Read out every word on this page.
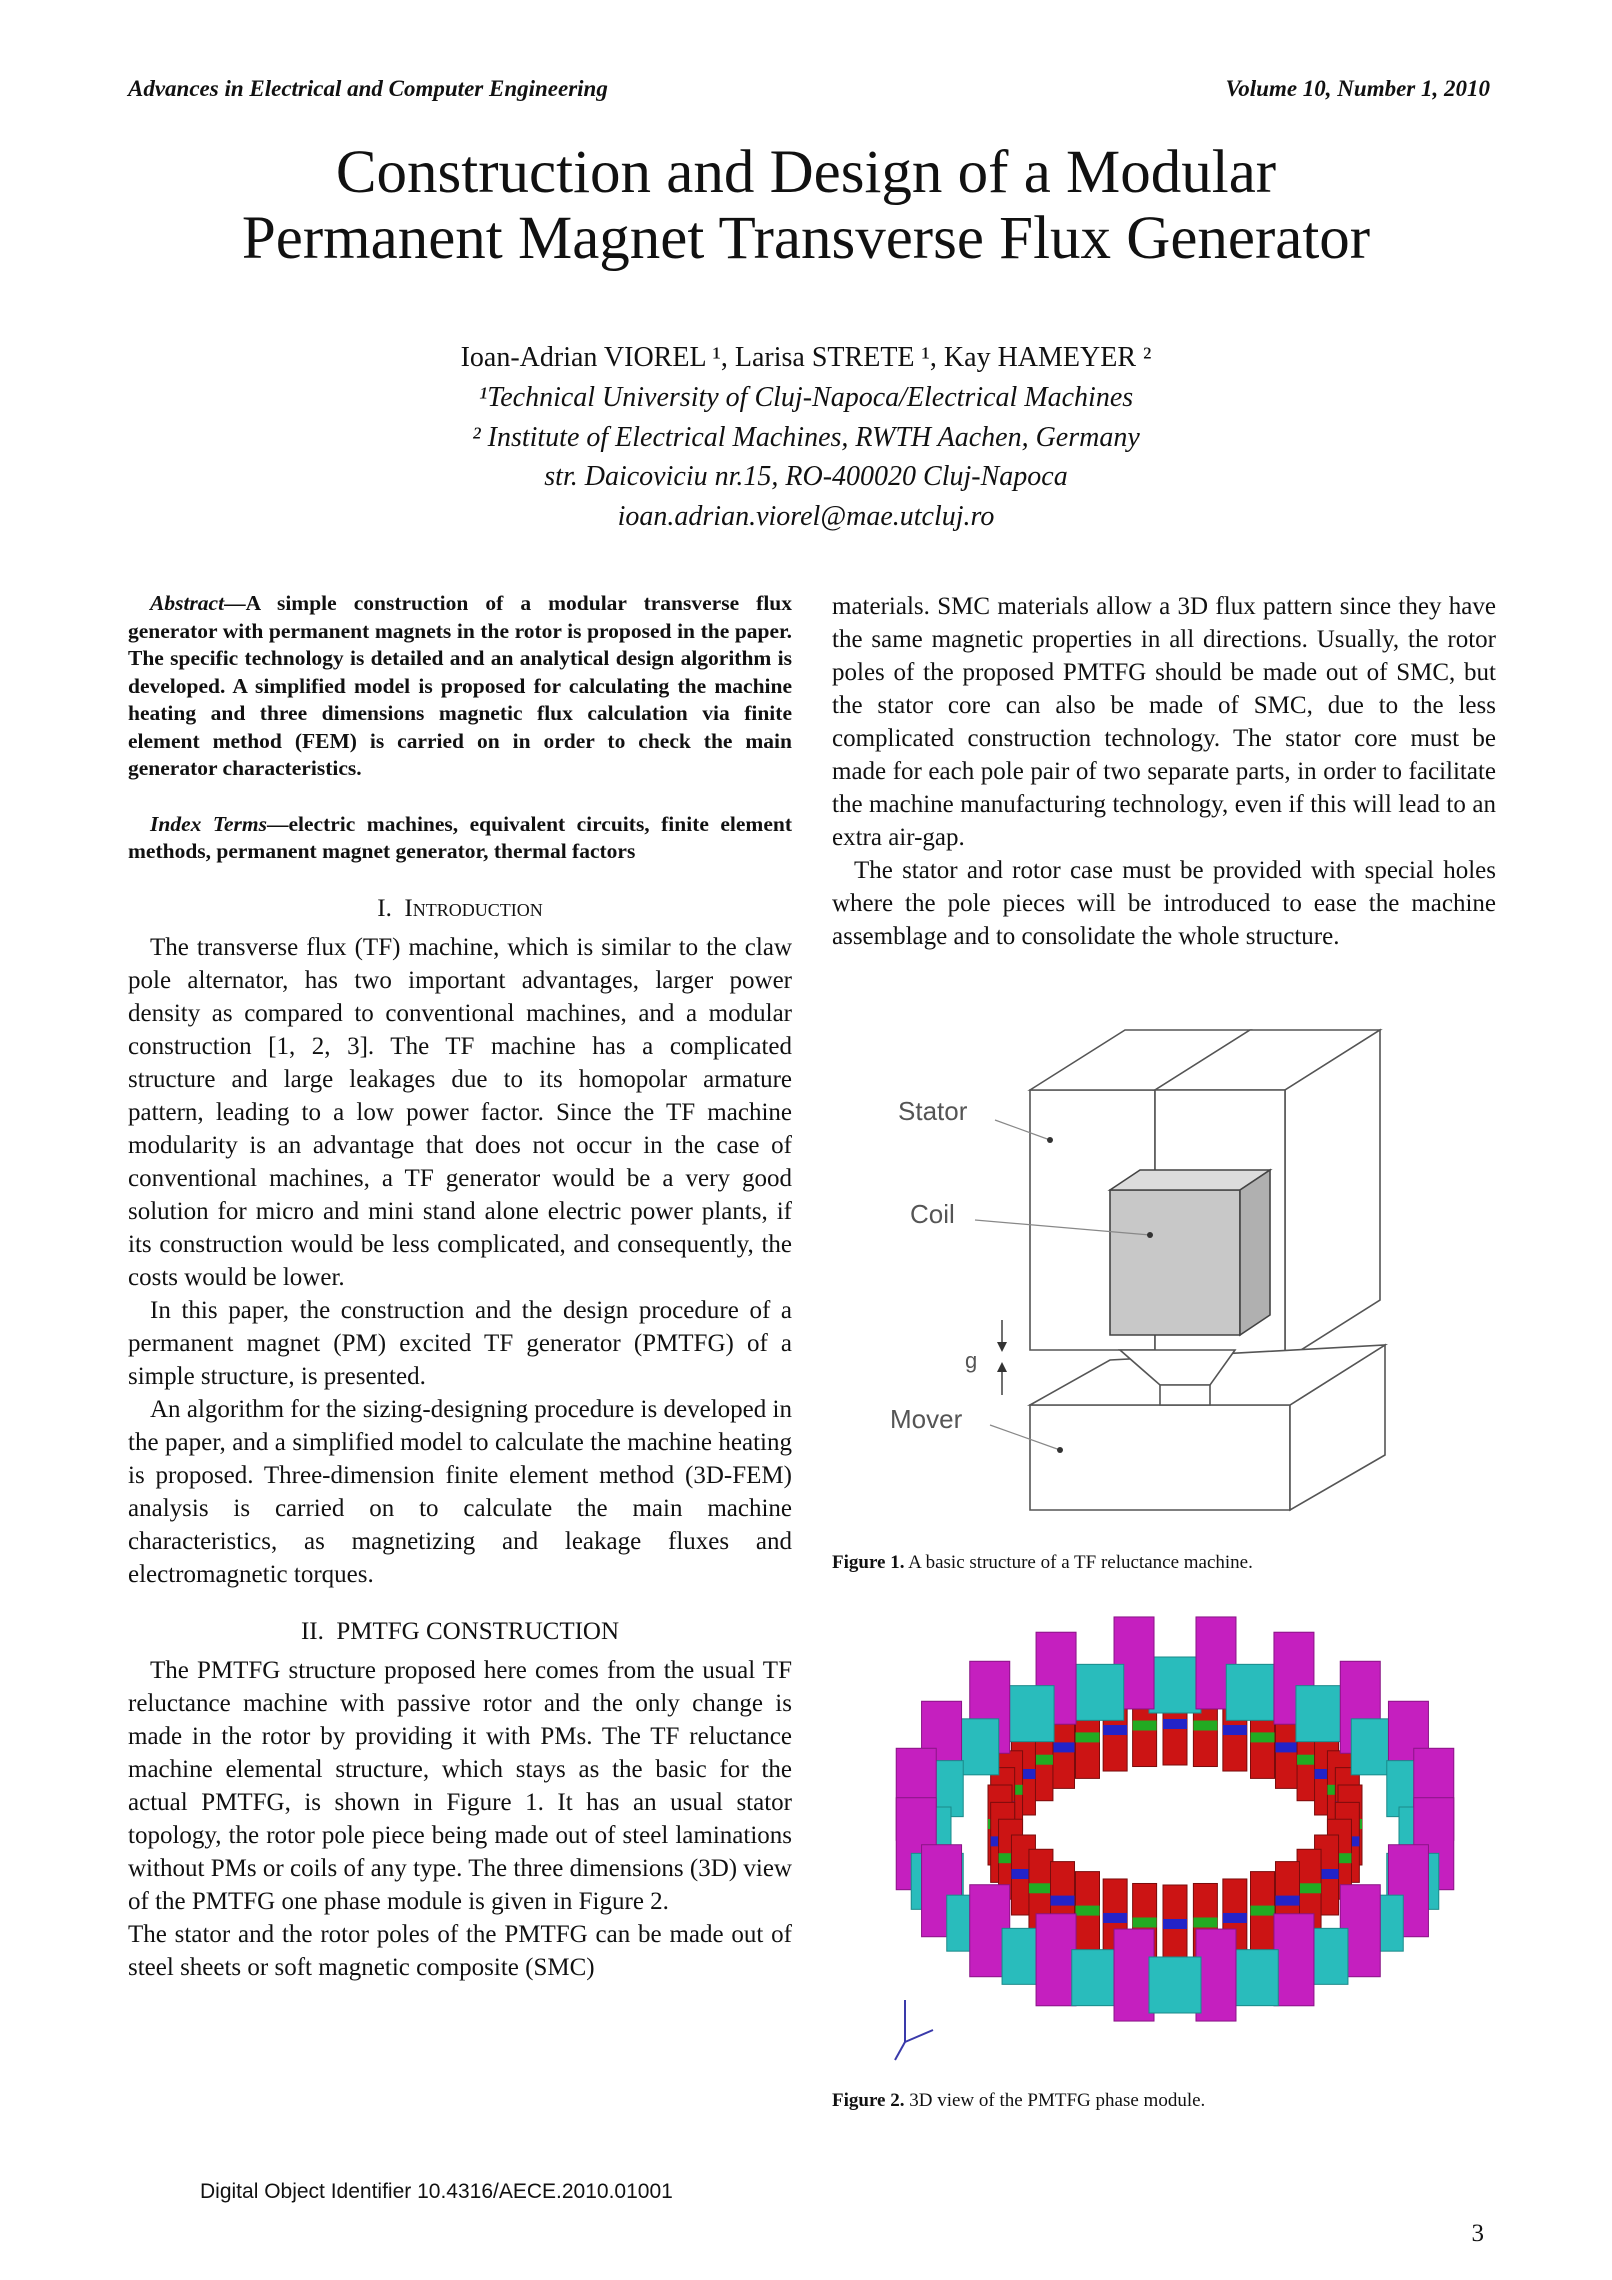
Advances in Electrical and Computer Engineering	Volume 10, Number 1, 2010
Construction and Design of a Modular
Permanent Magnet Transverse Flux Generator
Ioan-Adrian VIOREL ¹, Larisa STRETE ¹, Kay HAMEYER ²
¹Technical University of Cluj-Napoca/Electrical Machines
² Institute of Electrical Machines, RWTH Aachen, Germany
str. Daicoviciu nr.15, RO-400020 Cluj-Napoca
ioan.adrian.viorel@mae.utcluj.ro

Abstract—A simple construction of a modular transverse flux generator with permanent magnets in the rotor is proposed in the paper. The specific technology is detailed and an analytical design algorithm is developed. A simplified model is proposed for calculating the machine heating and three dimensions magnetic flux calculation via finite element method (FEM) is carried on in order to check the main generator characteristics.

Index Terms—electric machines, equivalent circuits, finite element methods, permanent magnet generator, thermal factors

I. Introduction

The transverse flux (TF) machine, which is similar to the claw pole alternator, has two important advantages, larger power density as compared to conventional machines, and a modular construction [1, 2, 3]. The TF machine has a complicated structure and large leakages due to its homopolar armature pattern, leading to a low power factor. Since the TF machine modularity is an advantage that does not occur in the case of conventional machines, a TF generator would be a very good solution for micro and mini stand alone electric power plants, if its construction would be less complicated, and consequently, the costs would be lower.

In this paper, the construction and the design procedure of a permanent magnet (PM) excited TF generator (PMTFG) of a simple structure, is presented.

An algorithm for the sizing-designing procedure is developed in the paper, and a simplified model to calculate the machine heating is proposed. Three-dimension finite element method (3D-FEM) analysis is carried on to calculate the main machine characteristics, as magnetizing and leakage fluxes and electromagnetic torques.

II. PMTFG CONSTRUCTION

The PMTFG structure proposed here comes from the usual TF reluctance machine with passive rotor and the only change is made in the rotor by providing it with PMs. The TF reluctance machine elemental structure, which stays as the basic for the actual PMTFG, is shown in Figure 1. It has an usual stator topology, the rotor pole piece being made out of steel laminations without PMs or coils of any type. The three dimensions (3D) view of the PMTFG one phase module is given in Figure 2.

The stator and the rotor poles of the PMTFG can be made out of steel sheets or soft magnetic composite (SMC)

materials. SMC materials allow a 3D flux pattern since they have the same magnetic properties in all directions. Usually, the rotor poles of the proposed PMTFG should be made out of SMC, but the stator core can also be made of SMC, due to the less complicated construction technology. The stator core must be made for each pole pair of two separate parts, in order to facilitate the machine manufacturing technology, even if this will lead to an extra air-gap.

The stator and rotor case must be provided with special holes where the pole pieces will be introduced to ease the machine assemblage and to consolidate the whole structure.

Stator
Coil
g
Mover
Figure 1. A basic structure of a TF reluctance machine.
Figure 2. 3D view of the PMTFG phase module.
Digital Object Identifier 10.4316/AECE.2010.01001
3
